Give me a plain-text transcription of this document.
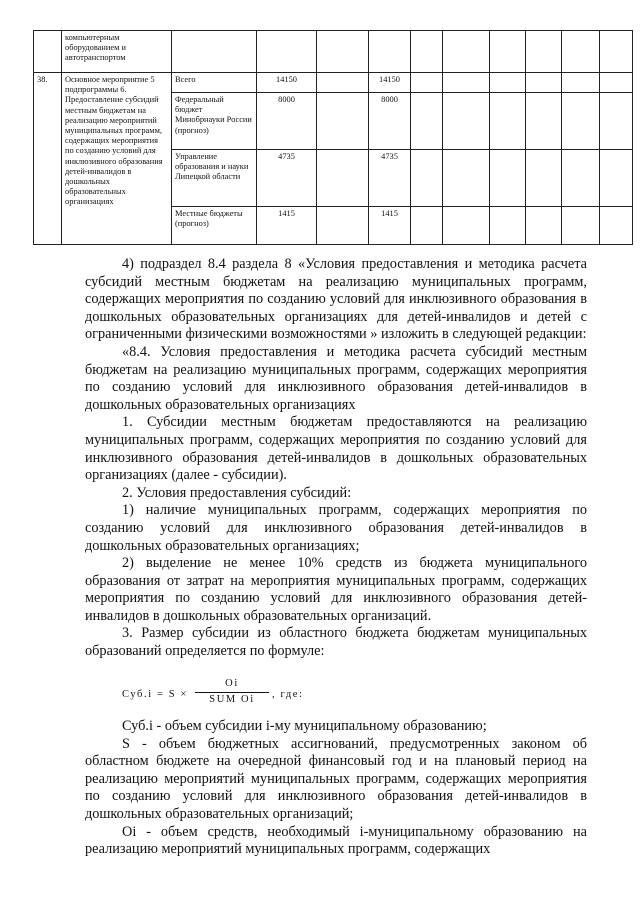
	компьютерным оборудованием и автотранспортом										
38.	Основное мероприятие 5 подпрограммы 6. Предоставление субсидий местным бюджетам на реализацию мероприятий муниципальных программ, содержащих мероприятия по созданию условий для инклюзивного образования детей-инвалидов в дошкольных образовательных организациях	Всего	14150		14150						
		Федеральный бюджет Минобрнауки России (прогноз)	8000		8000						
		Управление образования и науки Липецкой области	4735		4735						
		Местные бюджеты (прогноз)	1415		1415						

4) подраздел 8.4 раздела 8 «Условия предоставления и методика расчета субсидий местным бюджетам на реализацию муниципальных программ, содержащих мероприятия по созданию условий для инклюзивного образования в дошкольных образовательных организациях для детей-инвалидов и детей с ограниченными физическими возможностями » изложить в следующей редакции:

«8.4. Условия предоставления и методика расчета субсидий местным бюджетам на реализацию муниципальных программ, содержащих мероприятия по созданию условий для инклюзивного образования детей-инвалидов в дошкольных образовательных организациях

1. Субсидии местным бюджетам предоставляются на реализацию муниципальных программ, содержащих мероприятия по созданию условий для инклюзивного образования детей-инвалидов в дошкольных образовательных организациях (далее - субсидии).

2. Условия предоставления субсидий:

1) наличие муниципальных программ, содержащих мероприятия по созданию условий для инклюзивного образования детей-инвалидов в дошкольных образовательных организациях;

2) выделение не менее 10% средств из бюджета муниципального образования от затрат на мероприятия муниципальных программ, содержащих мероприятия по созданию условий для инклюзивного образования детей-инвалидов в дошкольных образовательных организаций.

3. Размер субсидии из областного бюджета бюджетам муниципальных образований определяется по формуле:

Суб.i = S ×
Oi
SUM Oi	, где:

Суб.i - объем субсидии i-му муниципальному образованию;

S - объем бюджетных ассигнований, предусмотренных законом об областном бюджете на очередной финансовый год и на плановый период на реализацию мероприятий муниципальных программ, содержащих мероприятия по созданию условий для инклюзивного образования детей-инвалидов в дошкольных образовательных организаций;

Oi - объем средств, необходимый i-муниципальному образованию на реализацию мероприятий муниципальных программ, содержащих
